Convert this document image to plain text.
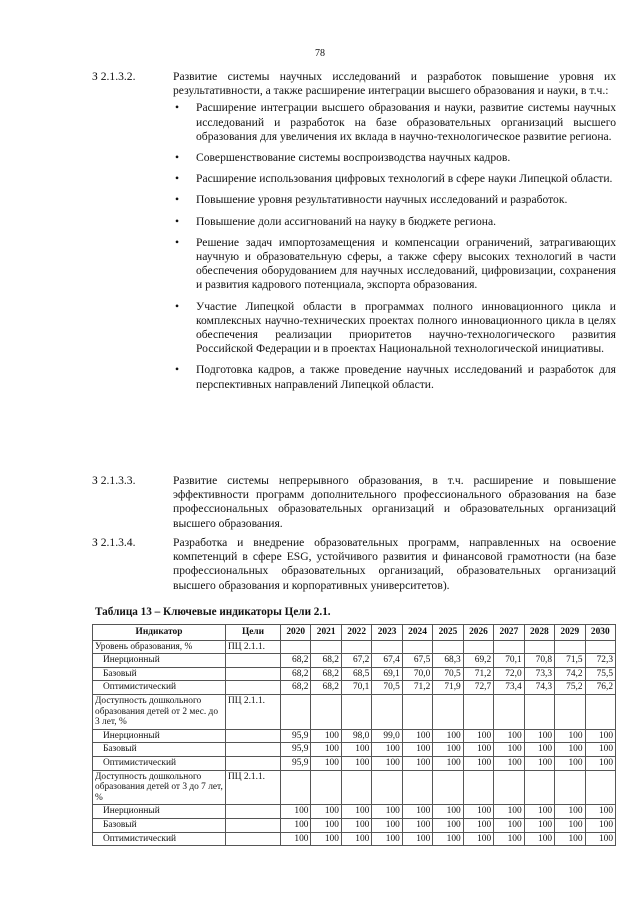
78
З 2.1.3.2.	Развитие системы научных исследований и разработок повышение уровня их результативности, а также расширение интеграции высшего образования и науки, в т.ч.:
• Расширение интеграции высшего образования и науки, развитие системы научных исследований и разработок на базе образовательных организаций высшего образования для увеличения их вклада в научно-технологическое развитие региона.
• Совершенствование системы воспроизводства научных кадров.
• Расширение использования цифровых технологий в сфере науки Липецкой области.
• Повышение уровня результативности научных исследований и разработок.
• Повышение доли ассигнований на науку в бюджете региона.
• Решение задач импортозамещения и компенсации ограничений, затрагивающих научную и образовательную сферы, а также сферу высоких технологий в части обеспечения оборудованием для научных исследований, цифровизации, сохранения и развития кадрового потенциала, экспорта образования.
• Участие Липецкой области в программах полного инновационного цикла и комплексных научно-технических проектах полного инновационного цикла в целях обеспечения реализации приоритетов научно-технологического развития Российской Федерации и в проектах Национальной технологической инициативы.
• Подготовка кадров, а также проведение научных исследований и разработок для перспективных направлений Липецкой области.
З 2.1.3.3.	Развитие системы непрерывного образования, в т.ч. расширение и повышение эффективности программ дополнительного профессионального образования на базе профессиональных образовательных организаций и образовательных организаций высшего образования.
З 2.1.3.4.	Разработка и внедрение образовательных программ, направленных на освоение компетенций в сфере ESG, устойчивого развития и финансовой грамотности (на базе профессиональных образовательных организаций, образовательных организаций высшего образования и корпоративных университетов).
Таблица 13 – Ключевые индикаторы Цели 2.1.
Индикатор	Цели	2020	2021	2022	2023	2024	2025	2026	2027	2028	2029	2030
Уровень образования, %	ПЦ 2.1.1.											
Инерционный		68,2	68,2	67,2	67,4	67,5	68,3	69,2	70,1	70,8	71,5	72,3
Базовый		68,2	68,2	68,5	69,1	70,0	70,5	71,2	72,0	73,3	74,2	75,5
Оптимистический		68,2	68,2	70,1	70,5	71,2	71,9	72,7	73,4	74,3	75,2	76,2
Доступность дошкольного образования детей от 2 мес. до 3 лет, %	ПЦ 2.1.1.											
Инерционный		95,9	100	98,0	99,0	100	100	100	100	100	100	100
Базовый		95,9	100	100	100	100	100	100	100	100	100	100
Оптимистический		95,9	100	100	100	100	100	100	100	100	100	100
Доступность дошкольного образования детей от 3 до 7 лет, %	ПЦ 2.1.1.											
Инерционный		100	100	100	100	100	100	100	100	100	100	100
Базовый		100	100	100	100	100	100	100	100	100	100	100
Оптимистический		100	100	100	100	100	100	100	100	100	100	100
